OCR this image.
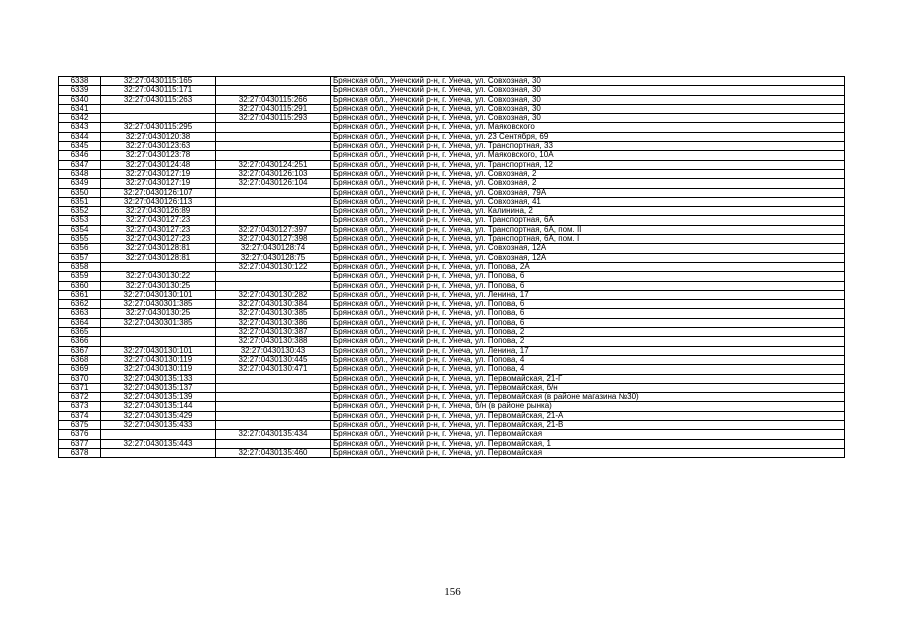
6338	32:27:0430115:165		Брянская обл., Унечский р-н, г. Унеча, ул. Совхозная, 30
6339	32:27:0430115:171		Брянская обл., Унечский р-н, г. Унеча, ул. Совхозная, 30
6340	32:27:0430115:263	32:27:0430115:266	Брянская обл., Унечский р-н, г. Унеча, ул. Совхозная, 30
6341		32:27:0430115:291	Брянская обл., Унечский р-н, г. Унеча, ул. Совхозная, 30
6342		32:27:0430115:293	Брянская обл., Унечский р-н, г. Унеча, ул. Совхозная, 30
6343	32:27:0430115:295		Брянская обл., Унечский р-н, г. Унеча, ул. Маяковского
6344	32:27:0430120:38		Брянская обл., Унечский р-н, г. Унеча, ул. 23 Сентября, 69
6345	32:27:0430123:63		Брянская обл., Унечский р-н, г. Унеча, ул. Транспортная, 33
6346	32:27:0430123:78		Брянская обл., Унечский р-н, г. Унеча, ул. Маяковского, 10А
6347	32:27:0430124:48	32:27:0430124:251	Брянская обл., Унечский р-н, г. Унеча, ул. Транспортная, 12
6348	32:27:0430127:19	32:27:0430126:103	Брянская обл., Унечский р-н, г. Унеча, ул. Совхозная, 2
6349	32:27:0430127:19	32:27:0430126:104	Брянская обл., Унечский р-н, г. Унеча, ул. Совхозная, 2
6350	32:27:0430126:107		Брянская обл., Унечский р-н, г. Унеча, ул. Совхозная, 79А
6351	32:27:0430126:113		Брянская обл., Унечский р-н, г. Унеча, ул. Совхозная, 41
6352	32:27:0430126:89		Брянская обл., Унечский р-н, г. Унеча, ул. Калинина, 2
6353	32:27:0430127:23		Брянская обл., Унечский р-н, г. Унеча, ул. Транспортная, 6А
6354	32:27:0430127:23	32:27:0430127:397	Брянская обл., Унечский р-н, г. Унеча, ул. Транспортная, 6А, пом. II
6355	32:27:0430127:23	32:27:0430127:398	Брянская обл., Унечский р-н, г. Унеча, ул. Транспортная, 6А, пом. I
6356	32:27:0430128:81	32:27:0430128:74	Брянская обл., Унечский р-н, г. Унеча, ул. Совхозная, 12А
6357	32:27:0430128:81	32:27:0430128:75	Брянская обл., Унечский р-н, г. Унеча, ул. Совхозная, 12А
6358		32:27:0430130:122	Брянская обл., Унечский р-н, г. Унеча, ул. Попова, 2А
6359	32:27:0430130:22		Брянская обл., Унечский р-н, г. Унеча, ул. Попова, 6
6360	32:27:0430130:25		Брянская обл., Унечский р-н, г. Унеча, ул. Попова, 6
6361	32:27:0430130:101	32:27:0430130:282	Брянская обл., Унечский р-н, г. Унеча, ул. Ленина, 17
6362	32:27:0430301:385	32:27:0430130:384	Брянская обл., Унечский р-н, г. Унеча, ул. Попова, 6
6363	32:27:0430130:25	32:27:0430130:385	Брянская обл., Унечский р-н, г. Унеча, ул. Попова, 6
6364	32:27:0430301:385	32:27:0430130:386	Брянская обл., Унечский р-н, г. Унеча, ул. Попова, 6
6365		32:27:0430130:387	Брянская обл., Унечский р-н, г. Унеча, ул. Попова, 2
6366		32:27:0430130:388	Брянская обл., Унечский р-н, г. Унеча, ул. Попова, 2
6367	32:27:0430130:101	32:27:0430130:43	Брянская обл., Унечский р-н, г. Унеча, ул. Ленина, 17
6368	32:27:0430130:119	32:27:0430130:445	Брянская обл., Унечский р-н, г. Унеча, ул. Попова, 4
6369	32:27:0430130:119	32:27:0430130:471	Брянская обл., Унечский р-н, г. Унеча, ул. Попова, 4
6370	32:27:0430135:133		Брянская обл., Унечский р-н, г. Унеча, ул. Первомайская, 21-Г
6371	32:27:0430135:137		Брянская обл., Унечский р-н, г. Унеча, ул. Первомайская, б/н
6372	32:27:0430135:139		Брянская обл., Унечский р-н, г. Унеча, ул. Первомайская (в районе магазина №30)
6373	32:27:0430135:144		Брянская обл., Унечский р-н, г. Унеча, б/н (в районе рынка)
6374	32:27:0430135:429		Брянская обл., Унечский р-н, г. Унеча, ул. Первомайская, 21-А
6375	32:27:0430135:433		Брянская обл., Унечский р-н, г. Унеча, ул. Первомайская, 21-В
6376		32:27:0430135:434	Брянская обл., Унечский р-н, г. Унеча, ул. Первомайская
6377	32:27:0430135:443		Брянская обл., Унечский р-н, г. Унеча, ул. Первомайская, 1
6378		32:27:0430135:460	Брянская обл., Унечский р-н, г. Унеча, ул. Первомайская
156
